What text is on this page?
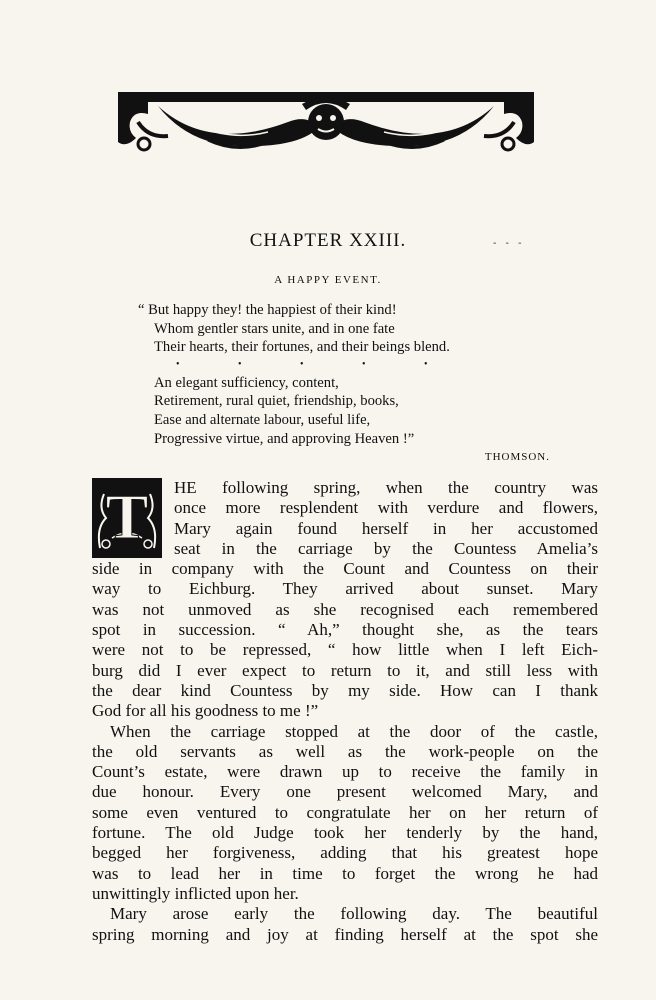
CHAPTER XXIII.	- - -
A HAPPY EVENT.
“ But happy they! the happiest of their kind!
Whom gentler stars unite, and in one fate
Their hearts, their fortunes, and their beings blend.
• • • • •
An elegant sufficiency, content,
Retirement, rural quiet, friendship, books,
Ease and alternate labour, useful life,
Progressive virtue, and approving Heaven !”
THOMSON.
T	HE following spring, when the country was
once more resplendent with verdure and flowers,
Mary again found herself in her accustomed
seat in the carriage by the Countess Amelia’s
side in company with the Count and Countess on their
way to Eichburg. They arrived about sunset. Mary
was not unmoved as she recognised each remembered
spot in succession. “ Ah,” thought she, as the tears
were not to be repressed, “ how little when I left Eich-
burg did I ever expect to return to it, and still less with
the dear kind Countess by my side. How can I thank
God for all his goodness to me !”
When the carriage stopped at the door of the castle,
the old servants as well as the work-people on the
Count’s estate, were drawn up to receive the family in
due honour. Every one present welcomed Mary, and
some even ventured to congratulate her on her return of
fortune. The old Judge took her tenderly by the hand,
begged her forgiveness, adding that his greatest hope
was to lead her in time to forget the wrong he had
unwittingly inflicted upon her.
Mary arose early the following day. The beautiful
spring morning and joy at finding herself at the spot she
